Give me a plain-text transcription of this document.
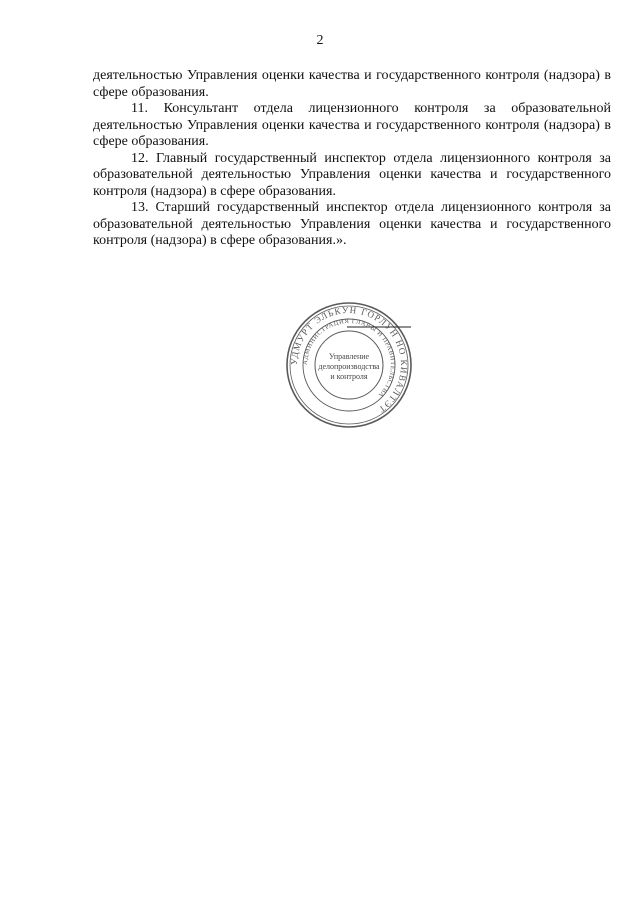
2

деятельностью Управления оценки качества и государственного контроля (надзора) в сфере образования.

11. Консультант отдела лицензионного контроля за образовательной деятельностью Управления оценки качества и государственного контроля (надзора) в сфере образования.

12. Главный государственный инспектор отдела лицензионного контроля за образовательной деятельностью Управления оценки качества и государственного контроля (надзора) в сфере образования.

13. Старший государственный инспектор отдела лицензионного контроля за образовательной деятельностью Управления оценки качества и государственного контроля (надзора) в сфере образования.».

УДМУРТ ЭЛЬКУН ГОРЛУН НО КИВАЛТЭТ
АДМИНИСТРАЦИЯ ГЛАВЫ И ПРАВИТЕЛЬСТВА
Управление
делопроизводства
и контроля
